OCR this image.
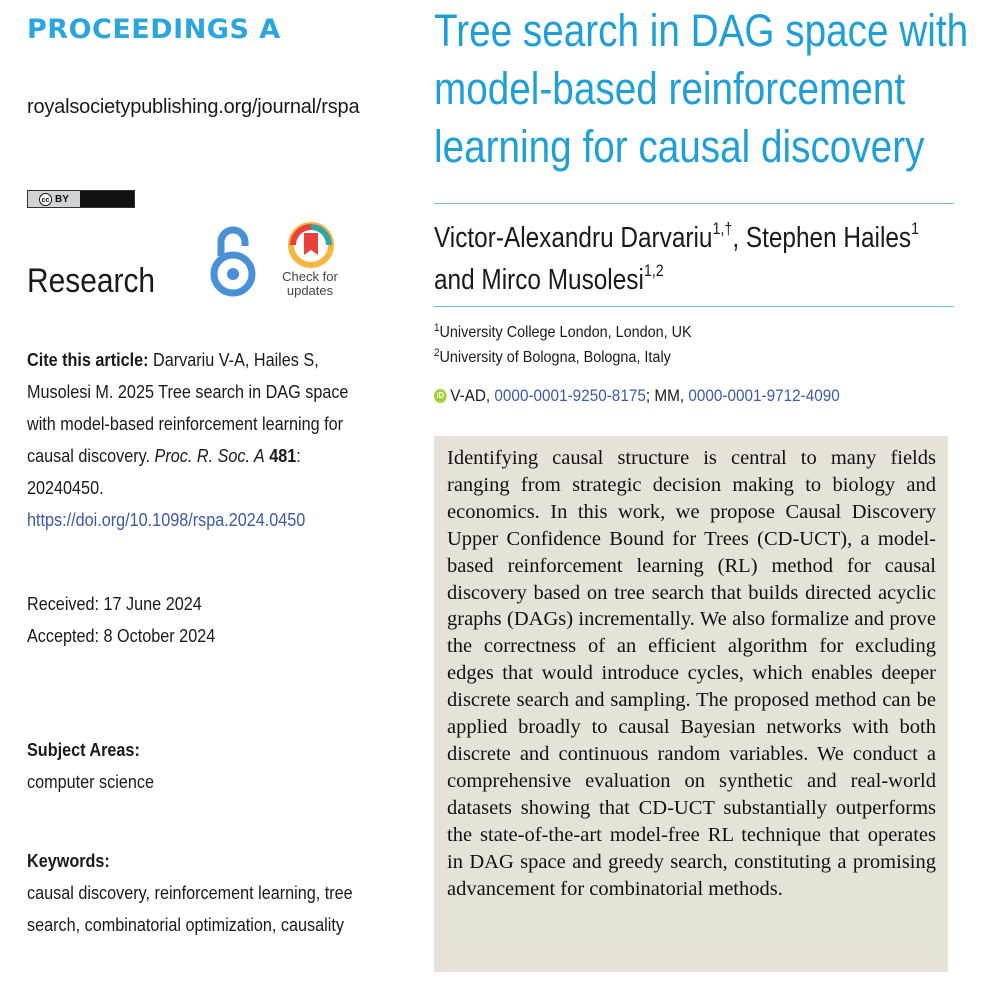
PROCEEDINGS A
royalsocietypublishing.org/journal/rspa
cc BY
Check for updates
Research
Cite this article: Darvariu V-A, Hailes S, Musolesi M. 2025 Tree search in DAG space with model-based reinforcement learning for causal discovery. Proc. R. Soc. A 481: 20240450.
https://doi.org/10.1098/rspa.2024.0450
Received: 17 June 2024
Accepted: 8 October 2024
Subject Areas:
computer science
Keywords:
causal discovery, reinforcement learning, tree search, combinatorial optimization, causality
Tree search in DAG space with model-based reinforcement learning for causal discovery
Victor-Alexandru Darvariu$^{1,\dagger}$, Stephen Hailes$^1$
and Mirco Musolesi$^{1,2}$
$^1$University College London, London, UK
$^2$University of Bologna, Bologna, Italy
iD V-AD, 0000-0001-9250-8175; MM, 0000-0001-9712-4090

Identifying causal structure is central to many fields ranging from strategic decision making to biology and economics. In this work, we propose Causal Discovery Upper Confidence Bound for Trees (CD-UCT), a model-based reinforcement learning (RL) method for causal discovery based on tree search that builds directed acyclic graphs (DAGs) incrementally. We also formalize and prove the correctness of an efficient algorithm for excluding edges that would introduce cycles, which enables deeper discrete search and sampling. The proposed method can be applied broadly to causal Bayesian networks with both discrete and continuous random variables. We conduct a comprehensive evaluation on synthetic and real-world datasets showing that CD-UCT substantially outperforms the state-of-the-art model-free RL technique that operates in DAG space and greedy search, constituting a promising advancement for combinatorial methods.
